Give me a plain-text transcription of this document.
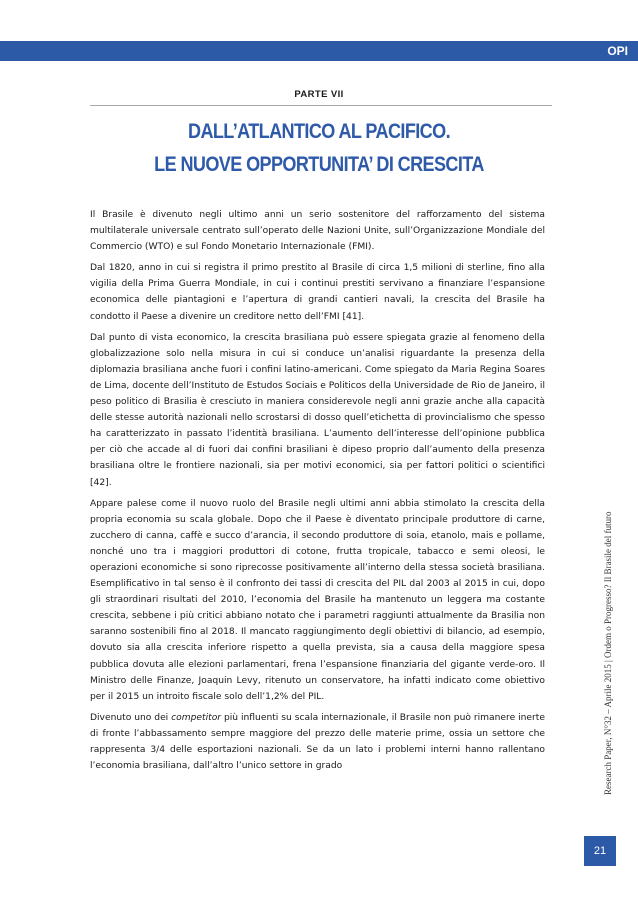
OPI
PARTE VII
DALL’ATLANTICO AL PACIFICO.
LE NUOVE OPPORTUNITA’ DI CRESCITA

Il Brasile è divenuto negli ultimo anni un serio sostenitore del rafforzamento del sistema multilaterale universale centrato sull’operato delle Nazioni Unite, sull’Organizzazione Mondiale del Commercio (WTO) e sul Fondo Monetario Internazionale (FMI).

Dal 1820, anno in cui si registra il primo prestito al Brasile di circa 1,5 milioni di sterline, fino alla vigilia della Prima Guerra Mondiale, in cui i continui prestiti servivano a finanziare l’espansione economica delle piantagioni e l’apertura di grandi cantieri navali, la crescita del Brasile ha condotto il Paese a divenire un creditore netto dell’FMI [41].

Dal punto di vista economico, la crescita brasiliana può essere spiegata grazie al fenomeno della globalizzazione solo nella misura in cui si conduce un’analisi riguardante la presenza della diplomazia brasiliana anche fuori i confini latino-americani. Come spiegato da Maria Regina Soares de Lima, docente dell’Instituto de Estudos Sociais e Politicos della Universidade de Rio de Janeiro, il peso politico di Brasilia è cresciuto in maniera considerevole negli anni grazie anche alla capacità delle stesse autorità nazionali nello scrostarsi di dosso quell’etichetta di provincialismo che spesso ha caratterizzato in passato l’identità brasiliana. L’aumento dell’interesse dell’opinione pubblica per ciò che accade al di fuori dai confini brasiliani è dipeso proprio dall’aumento della presenza brasiliana oltre le frontiere nazionali, sia per motivi economici, sia per fattori politici o scientifici [42].

Appare palese come il nuovo ruolo del Brasile negli ultimi anni abbia stimolato la crescita della propria economia su scala globale. Dopo che il Paese è diventato principale produttore di carne, zucchero di canna, caffè e succo d’arancia, il secondo produttore di soia, etanolo, mais e pollame, nonché uno tra i maggiori produttori di cotone, frutta tropicale, tabacco e semi oleosi, le operazioni economiche si sono riprecosse positivamente all’interno della stessa società brasiliana. Esemplificativo in tal senso è il confronto dei tassi di crescita del PIL dal 2003 al 2015 in cui, dopo gli straordinari risultati del 2010, l’economia del Brasile ha mantenuto un leggera ma costante crescita, sebbene i più critici abbiano notato che i parametri raggiunti attualmente da Brasilia non saranno sostenibili fino al 2018. Il mancato raggiungimento degli obiettivi di bilancio, ad esempio, dovuto sia alla crescita inferiore rispetto a quella prevista, sia a causa della maggiore spesa pubblica dovuta alle elezioni parlamentari, frena l’espansione finanziaria del gigante verde-oro. Il Ministro delle Finanze, Joaquin Levy, ritenuto un conservatore, ha infatti indicato come obiettivo per il 2015 un introito fiscale solo dell’1,2% del PIL.

Divenuto uno dei competitor più influenti su scala internazionale, il Brasile non può rimanere inerte di fronte l’abbassamento sempre maggiore del prezzo delle materie prime, ossia un settore che rappresenta 3/4 delle esportazioni nazionali. Se da un lato i problemi interni hanno rallentano l’economia brasiliana, dall’altro l’unico settore in grado	Research Paper, N°32 – Aprile 2015 | Ordem o Progresso? Il Brasile del futuro
21
